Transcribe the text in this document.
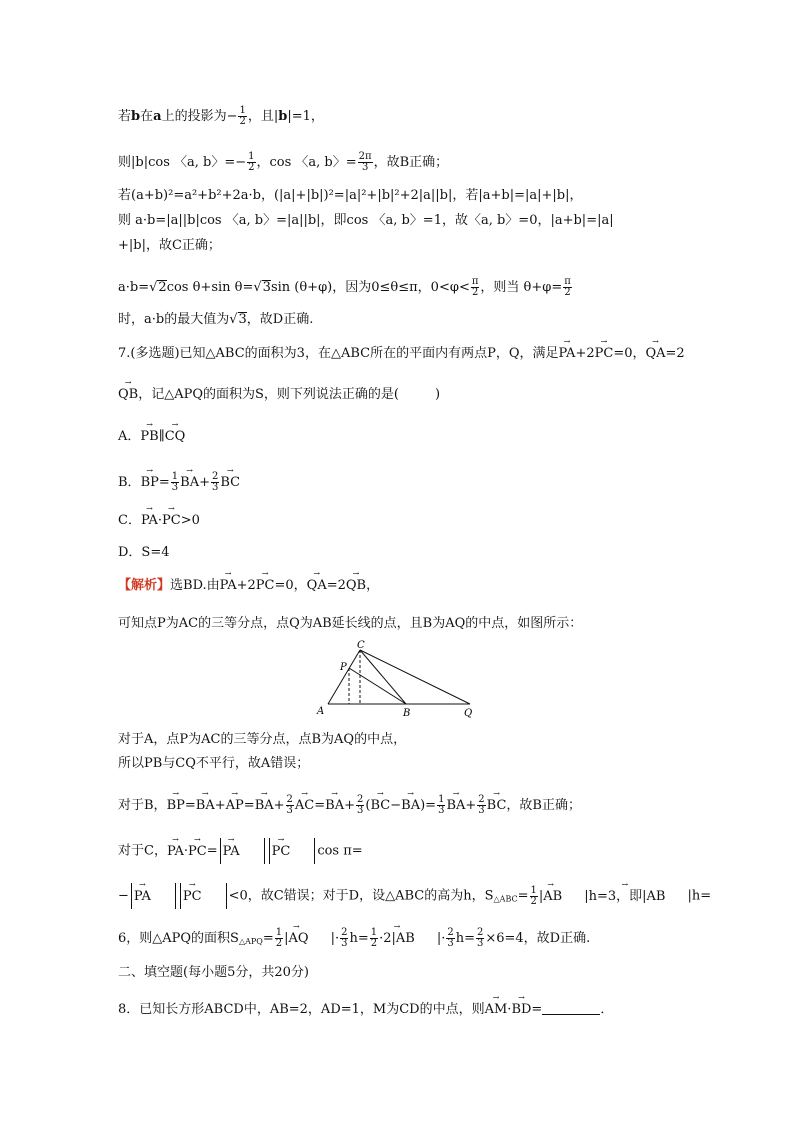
若b在a上的投影为− $\frac{1}{2}$ ，且|b|=1，
则|b|cos 〈a, b〉=− $\frac{1}{2}$ ，cos 〈a, b〉= $\frac{2\pi}{3}$ ，故B正确；
若(a+b)²=a²+b²+2a·b，(|a|+|b|)²=|a|²+|b|²+2|a||b|，若|a+b|=|a|+|b|，
则 a·b=|a||b|cos 〈a, b〉=|a||b|，即cos 〈a, b〉=1，故〈a, b〉=0，|a+b|=|a|
+|b|，故C正确；
a·b=√2cos θ+sin θ=√3sin (θ+φ)，因为0≤θ≤π，$0<\varphi< \frac{\pi}{2}$ ，则当 $\theta+\varphi= \frac{\pi}{2}$
时，a·b的最大值为√3，故D正确.
7.(多选题)已知△ABC的面积为3，在△ABC所在的平面内有两点P，Q，满足→ PA+2→ PC=0，→ QA=2
→ QB，记△APQ的面积为S，则下列说法正确的是(	)
A．→ PB∥→ CQ
B．→ $BP= \frac{1}{3}$
→ $BA+ \frac{2}{3}$
→ BC
C．→ PA·→ PC>0
D．S=4
【解析】选BD.由→ PA+2→ PC=0，→ QA=2→ QB，
可知点P为AC的三等分点，点Q为AB延长线的点，且B为AQ的中点，如图所示：
C
P
A	B	Q
对于A，点P为AC的三等分点，点B为AQ的中点，
所以PB与CQ不平行，故A错误；
对于B，→ $BP=\to BA+\to AP=\to BA+ \frac{2}{3}$
→ $AC=\to BA+ \frac{2}{3}$ (→ $BC-\to BA)= \frac{1}{3}$
→ $BA+ \frac{2}{3}$
→ BC，故B正确；
对于C，→ PA·→ PC=→ PA→ PC cos π=
−→ PA→ PC <0，故C错误；对于D，设△ABC的高为h，$S_{\triangle ABC}= \frac{1}{2}$
→ |AB→ |h=3，即|AB |h=
6，则△APQ的面积$S_{\triangle APQ}= \frac{1}{2}$
→ |AQ |· $\frac{2}{3} h= \frac{1}{2}$
→ ·2|AB |· $\frac{2}{3} h= \frac{2}{3} \times 6=4$，故D正确.
二、填空题(每小题5分，共20分)
8．已知长方形ABCD中，AB=2，AD=1，M为CD的中点，则→ AM·→ BD=	．
